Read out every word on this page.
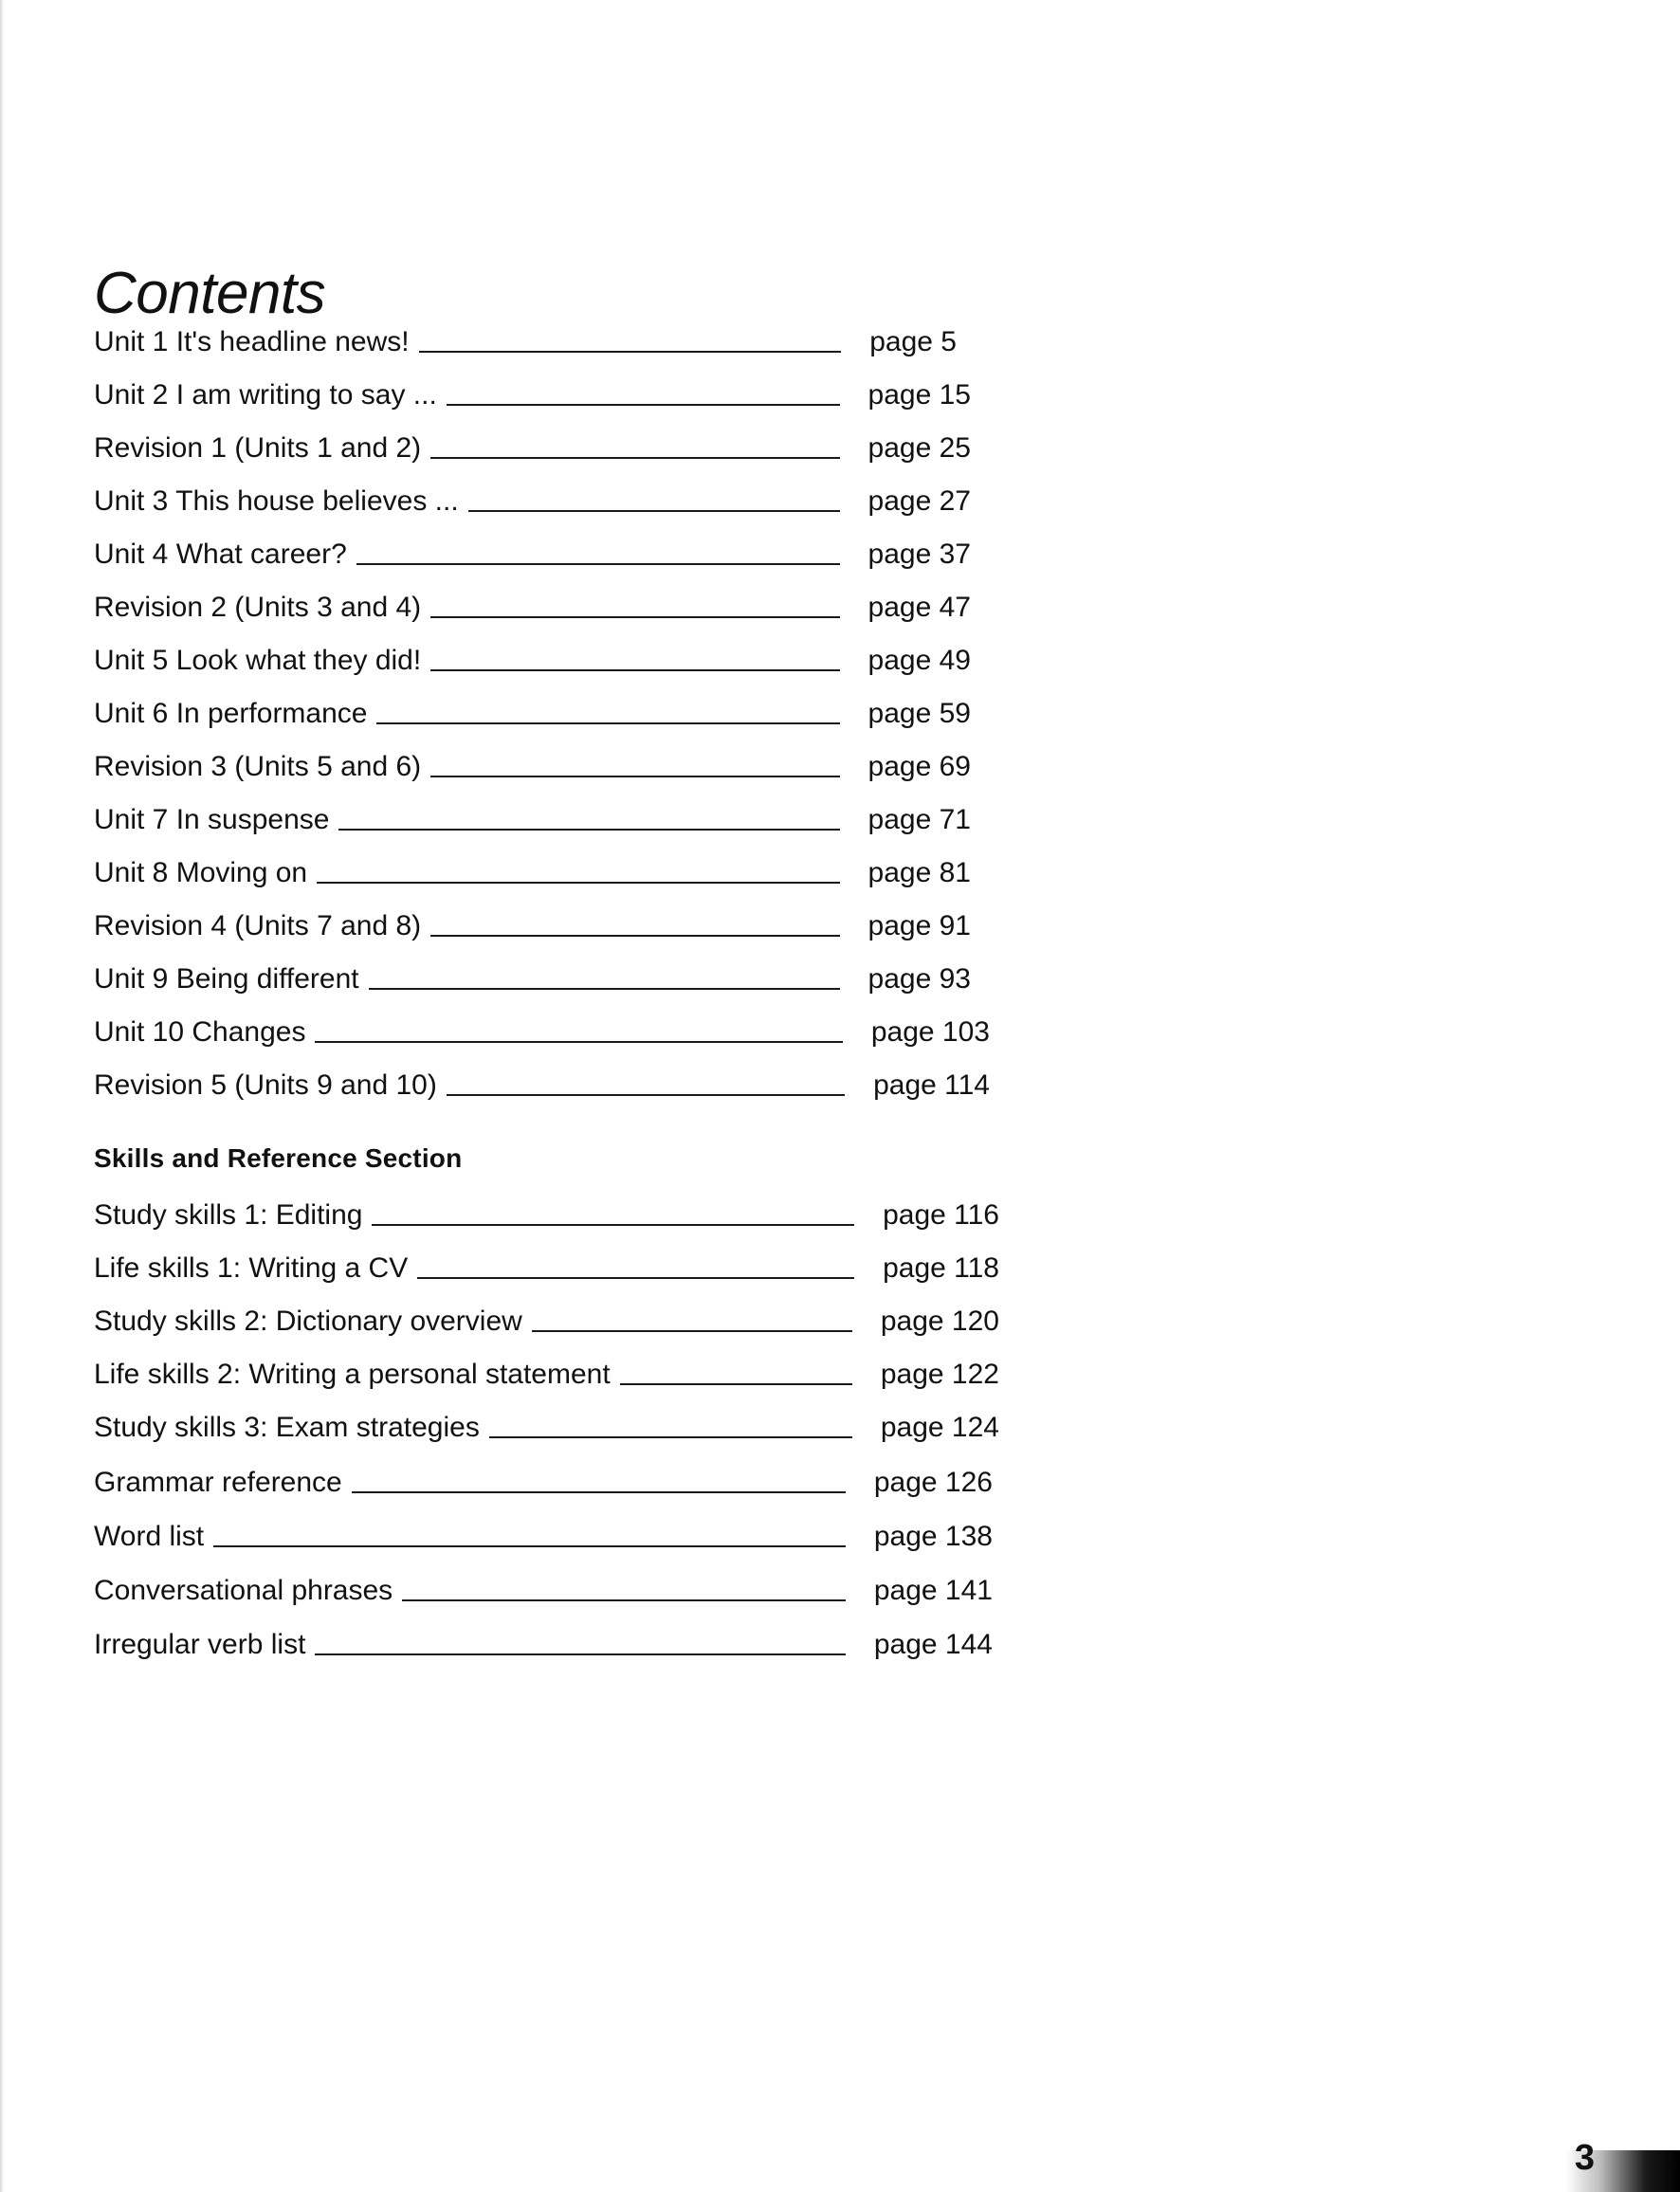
Contents
Unit 1 It's headline news!	page 5
Unit 2 I am writing to say ...	page 15
Revision 1 (Units 1 and 2)	page 25
Unit 3 This house believes ...	page 27
Unit 4 What career?	page 37
Revision 2 (Units 3 and 4)	page 47
Unit 5 Look what they did!	page 49
Unit 6 In performance	page 59
Revision 3 (Units 5 and 6)	page 69
Unit 7 In suspense	page 71
Unit 8 Moving on	page 81
Revision 4 (Units 7 and 8)	page 91
Unit 9 Being different	page 93
Unit 10 Changes	page 103
Revision 5 (Units 9 and 10)	page 114
Skills and Reference Section
Study skills 1: Editing	page 116
Life skills 1: Writing a CV	page 118
Study skills 2: Dictionary overview	page 120
Life skills 2: Writing a personal statement	page 122
Study skills 3: Exam strategies	page 124
Grammar reference	page 126
Word list	page 138
Conversational phrases	page 141
Irregular verb list	page 144
3
